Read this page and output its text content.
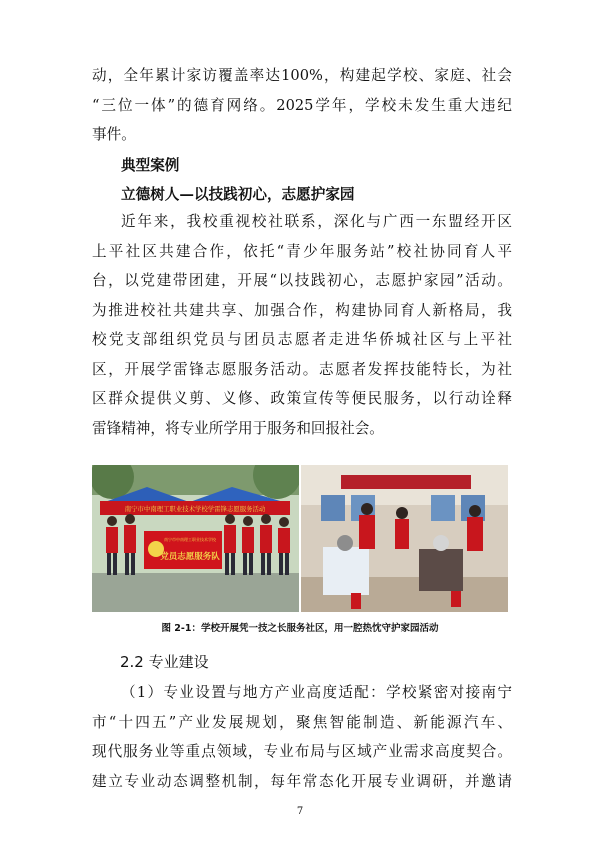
动，全年累计家访覆盖率达100%，构建起学校、家庭、社会
“三位一体”的德育网络。2025学年，学校未发生重大违纪
事件。
典型案例
立德树人—以技践初心，志愿护家园
近年来，我校重视校社联系，深化与广西一东盟经开区
上平社区共建合作，依托“青少年服务站”校社协同育人平
台，以党建带团建，开展“以技践初心，志愿护家园”活动。
为推进校社共建共享、加强合作，构建协同育人新格局，我
校党支部组织党员与团员志愿者走进华侨城社区与上平社
区，开展学雷锋志愿服务活动。志愿者发挥技能特长，为社
区群众提供义剪、义修、政策宣传等便民服务，以行动诠释
雷锋精神，将专业所学用于服务和回报社会。
南宁市中南理工职业技术学校学雷锋志愿服务活动
南宁市中南理工职业技术学校
党员志愿服务队
图 2-1：学校开展凭一技之长服务社区，用一腔热忱守护家园活动
2.2 专业建设
（1）专业设置与地方产业高度适配：学校紧密对接南宁
市“十四五”产业发展规划，聚焦智能制造、新能源汽车、
现代服务业等重点领域，专业布局与区域产业需求高度契合。
建立专业动态调整机制，每年常态化开展专业调研，并邀请
7
